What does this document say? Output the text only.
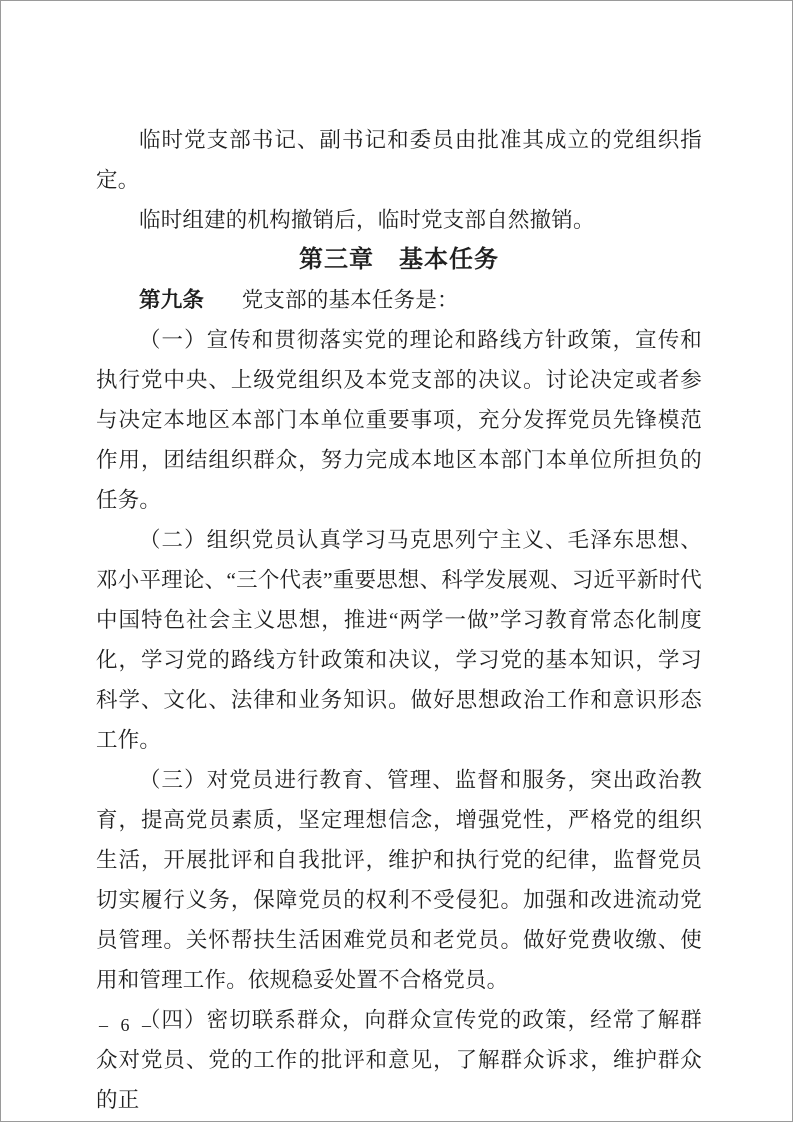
临时党支部书记、副书记和委员由批准其成立的党组织指定。

临时组建的机构撤销后，临时党支部自然撤销。

第三章　基本任务

第九条 党支部的基本任务是：

（一）宣传和贯彻落实党的理论和路线方针政策，宣传和执行党中央、上级党组织及本党支部的决议。讨论决定或者参与决定本地区本部门本单位重要事项，充分发挥党员先锋模范作用，团结组织群众，努力完成本地区本部门本单位所担负的任务。

（二）组织党员认真学习马克思列宁主义、毛泽东思想、邓小平理论、“三个代表”重要思想、科学发展观、习近平新时代中国特色社会主义思想，推进“两学一做”学习教育常态化制度化，学习党的路线方针政策和决议，学习党的基本知识，学习科学、文化、法律和业务知识。做好思想政治工作和意识形态工作。

（三）对党员进行教育、管理、监督和服务，突出政治教育，提高党员素质，坚定理想信念，增强党性，严格党的组织生活，开展批评和自我批评，维护和执行党的纪律，监督党员切实履行义务，保障党员的权利不受侵犯。加强和改进流动党员管理。关怀帮扶生活困难党员和老党员。做好党费收缴、使用和管理工作。依规稳妥处置不合格党员。

（四）密切联系群众，向群众宣传党的政策，经常了解群众对党员、党的工作的批评和意见，了解群众诉求，维护群众的正

– 6 –
